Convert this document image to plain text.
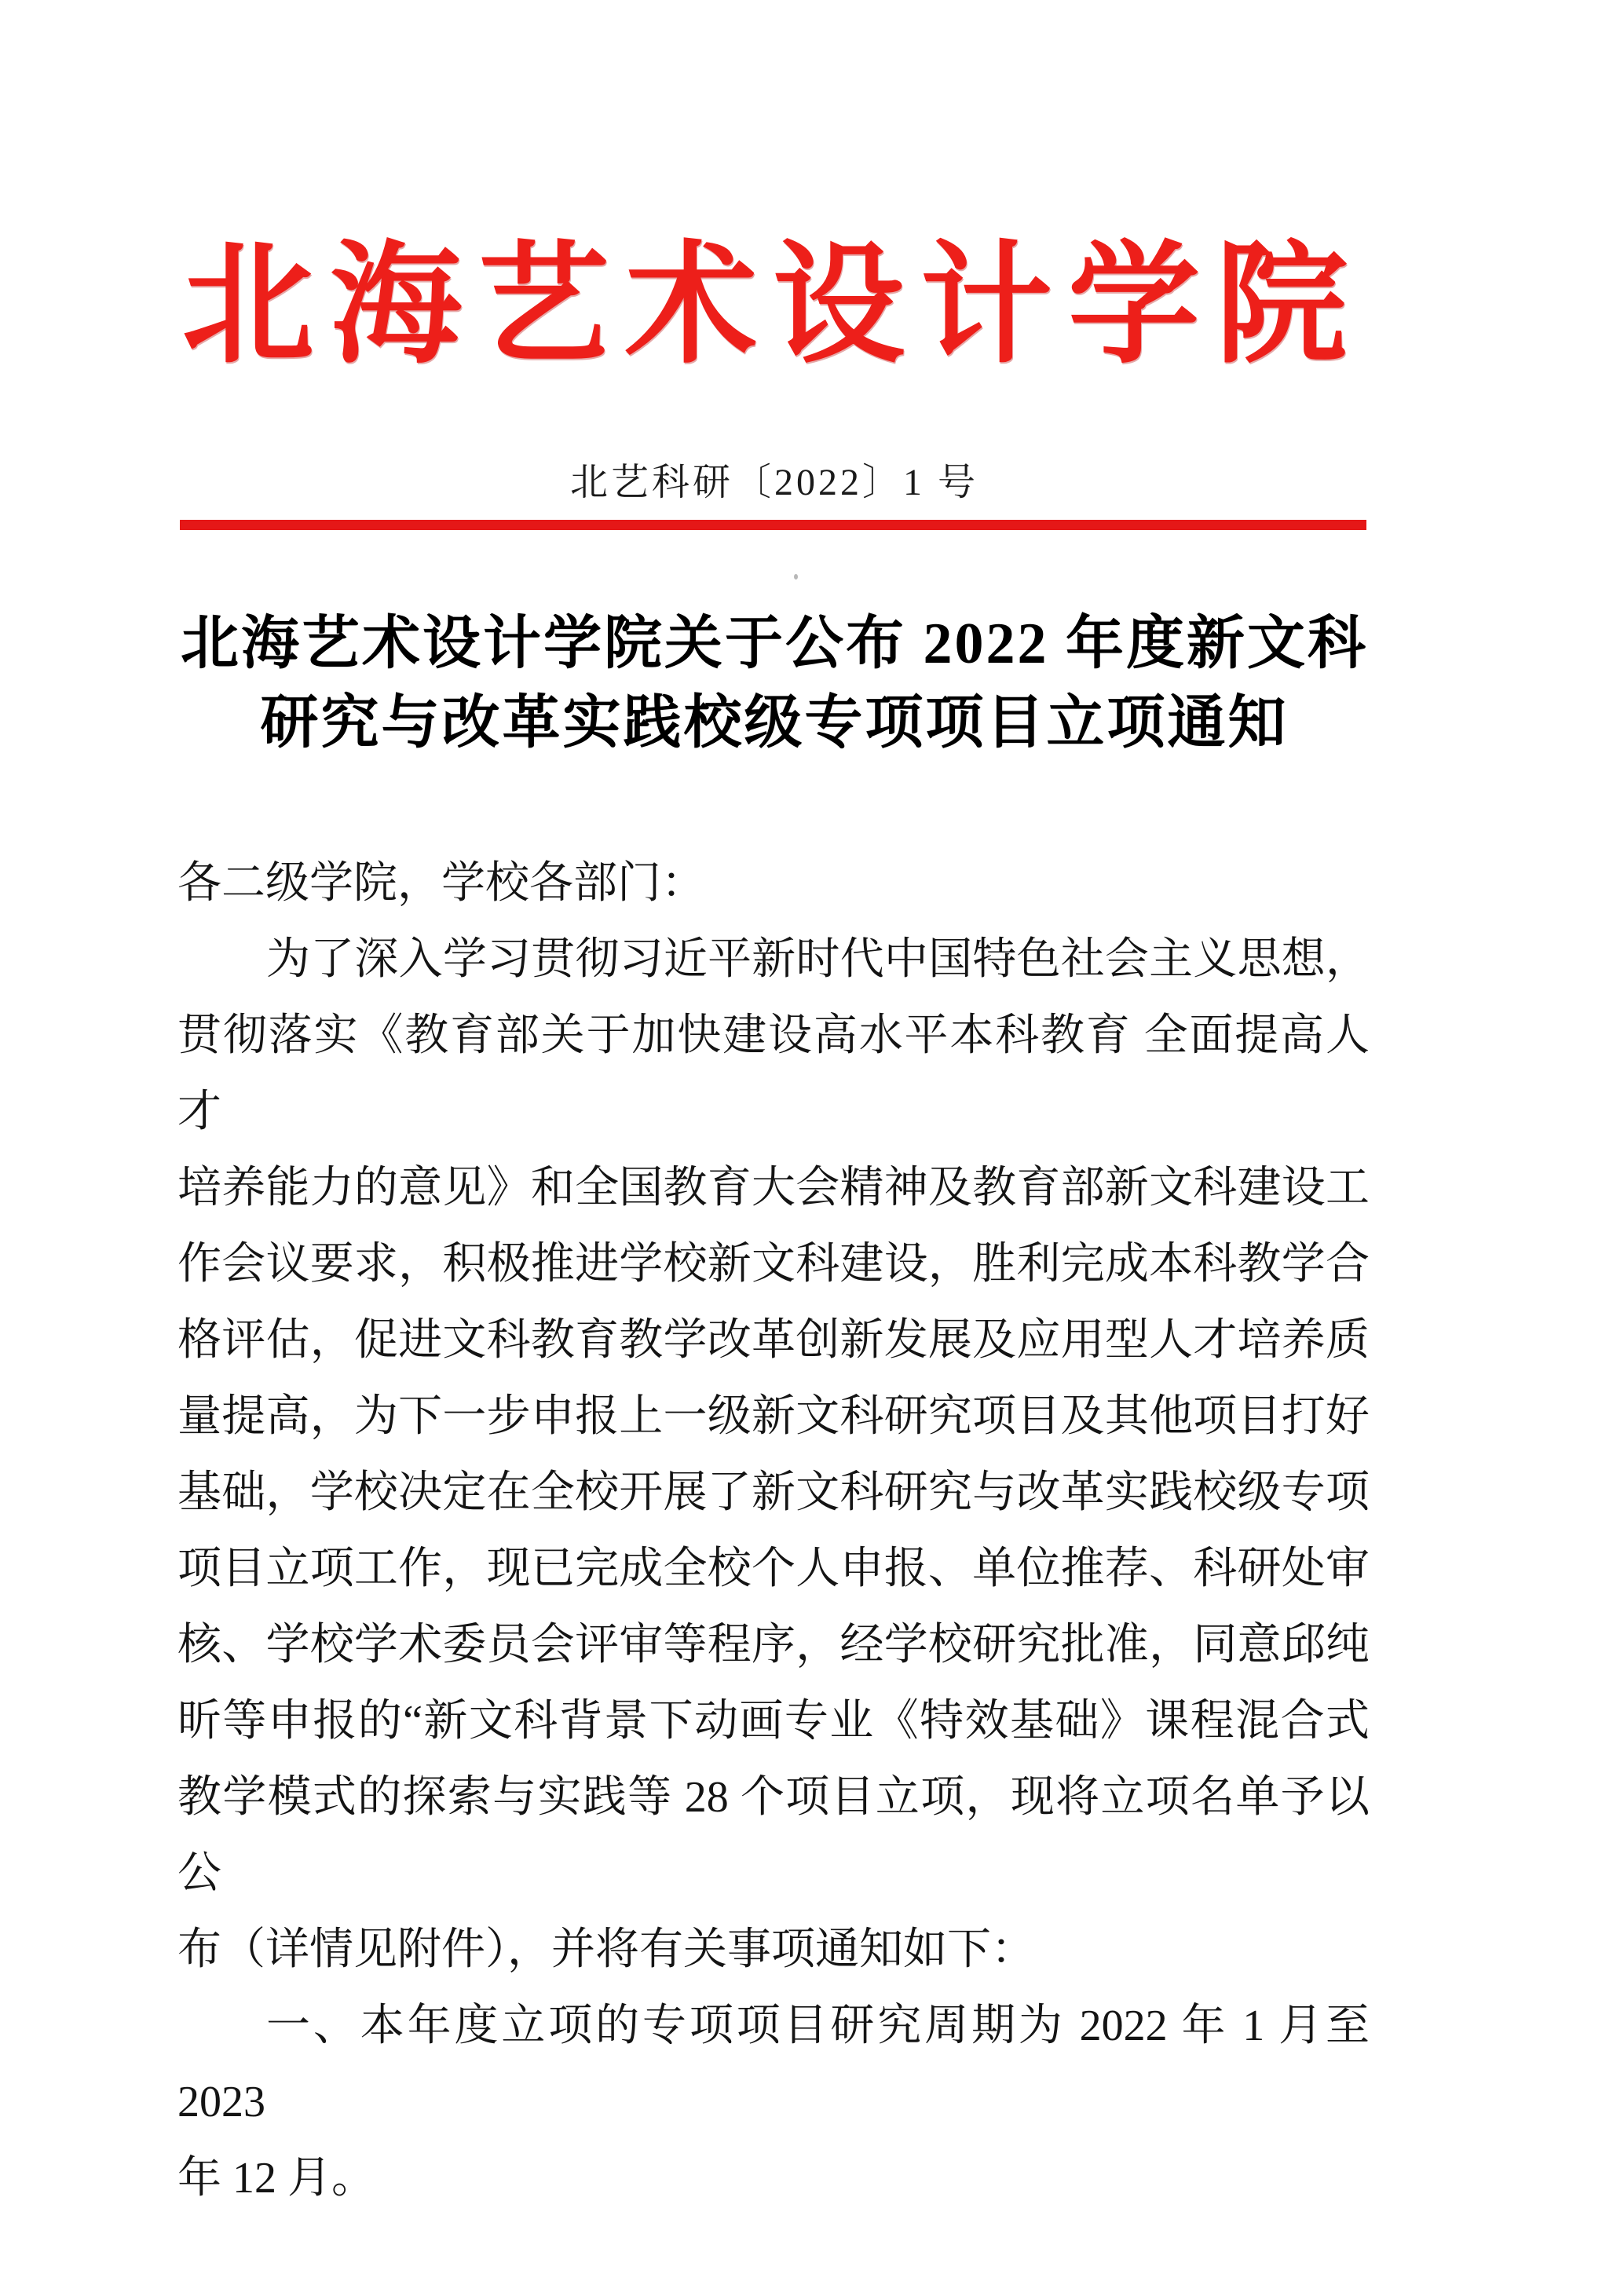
北海艺术设计学院
北艺科研〔2022〕1 号
北海艺术设计学院关于公布 2022 年度新文科
研究与改革实践校级专项项目立项通知
各二级学院，学校各部门：
为了深入学习贯彻习近平新时代中国特色社会主义思想，
贯彻落实《教育部关于加快建设高水平本科教育 全面提高人才
培养能力的意见》和全国教育大会精神及教育部新文科建设工
作会议要求，积极推进学校新文科建设，胜利完成本科教学合
格评估，促进文科教育教学改革创新发展及应用型人才培养质
量提高，为下一步申报上一级新文科研究项目及其他项目打好
基础，学校决定在全校开展了新文科研究与改革实践校级专项
项目立项工作，现已完成全校个人申报、单位推荐、科研处审
核、学校学术委员会评审等程序，经学校研究批准，同意邱纯
昕等申报的“新文科背景下动画专业《特效基础》课程混合式
教学模式的探索与实践等 28 个项目立项，现将立项名单予以公
布（详情见附件），并将有关事项通知如下：
一、本年度立项的专项项目研究周期为 2022 年 1 月至 2023
年 12 月。
